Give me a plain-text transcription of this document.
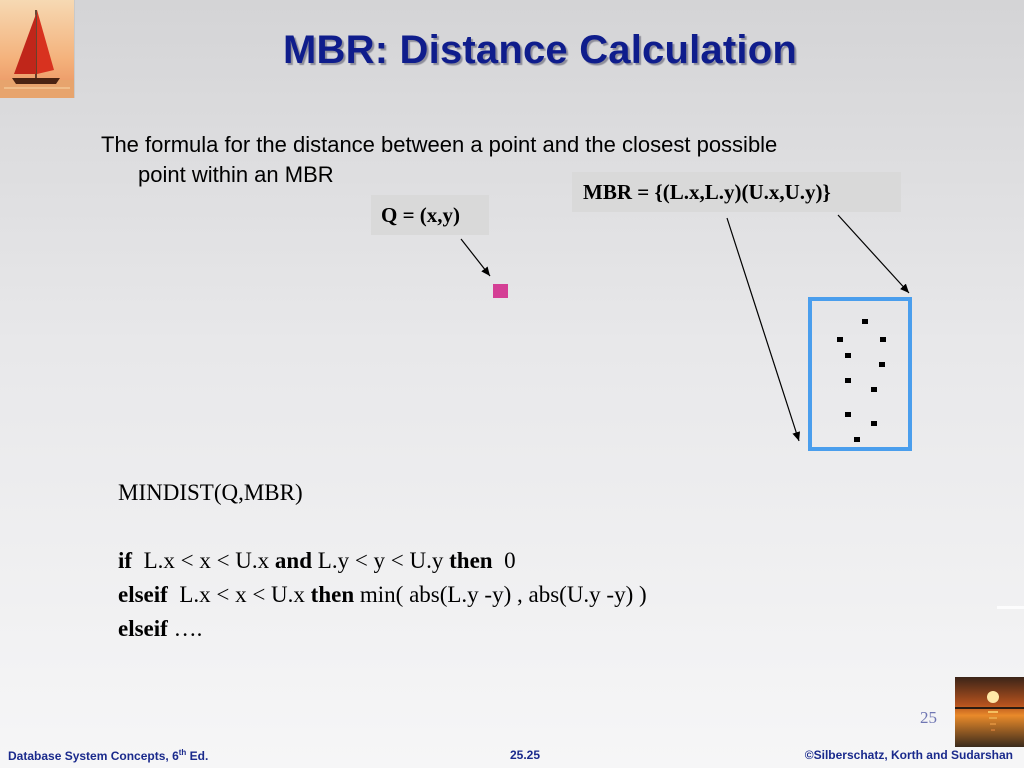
MBR: Distance Calculation
The formula for the distance between a point and the closest possible
point within an MBR
MBR = {(L.x,L.y)(U.x,U.y)}
Q = (x,y)
MINDIST(Q,MBR)
if  L.x < x < U.x and L.y < y < U.y then  0
elseif  L.x < x < U.x then min( abs(L.y -y) , abs(U.y -y) )
elseif ….
25
Database System Concepts, 6th Ed.	25.25	©Silberschatz, Korth and Sudarshan
